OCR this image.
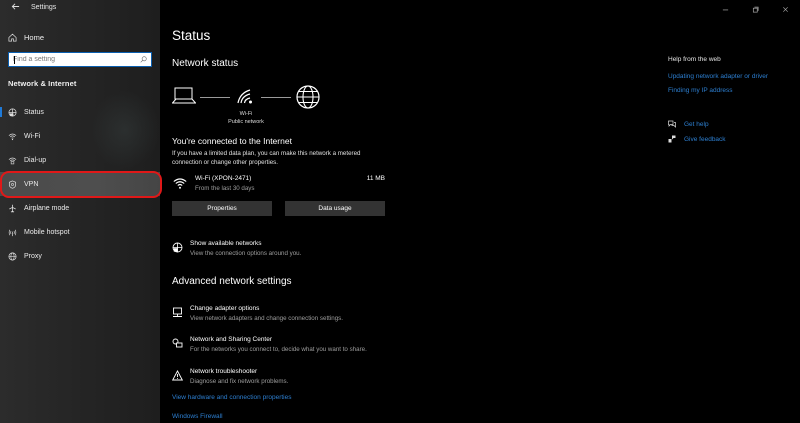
Settings
Home
Find a setting
Network & Internet
Status
Wi-Fi
Dial-up
VPN
Airplane mode
Mobile hotspot
Proxy
Status
Network status
Wi-Fi
Public network
You're connected to the Internet
If you have a limited data plan, you can make this network a metered connection or change other properties.
Wi-Fi (XPON-2471)
From the last 30 days
11 MB
Properties	Data usage
Show available networks
View the connection options around you.
Advanced network settings
Change adapter options
View network adapters and change connection settings.
Network and Sharing Center
For the networks you connect to, decide what you want to share.
Network troubleshooter
Diagnose and fix network problems.
View hardware and connection properties
Windows Firewall
Help from the web
Updating network adapter or driver
Finding my IP address
Get help
Give feedback
